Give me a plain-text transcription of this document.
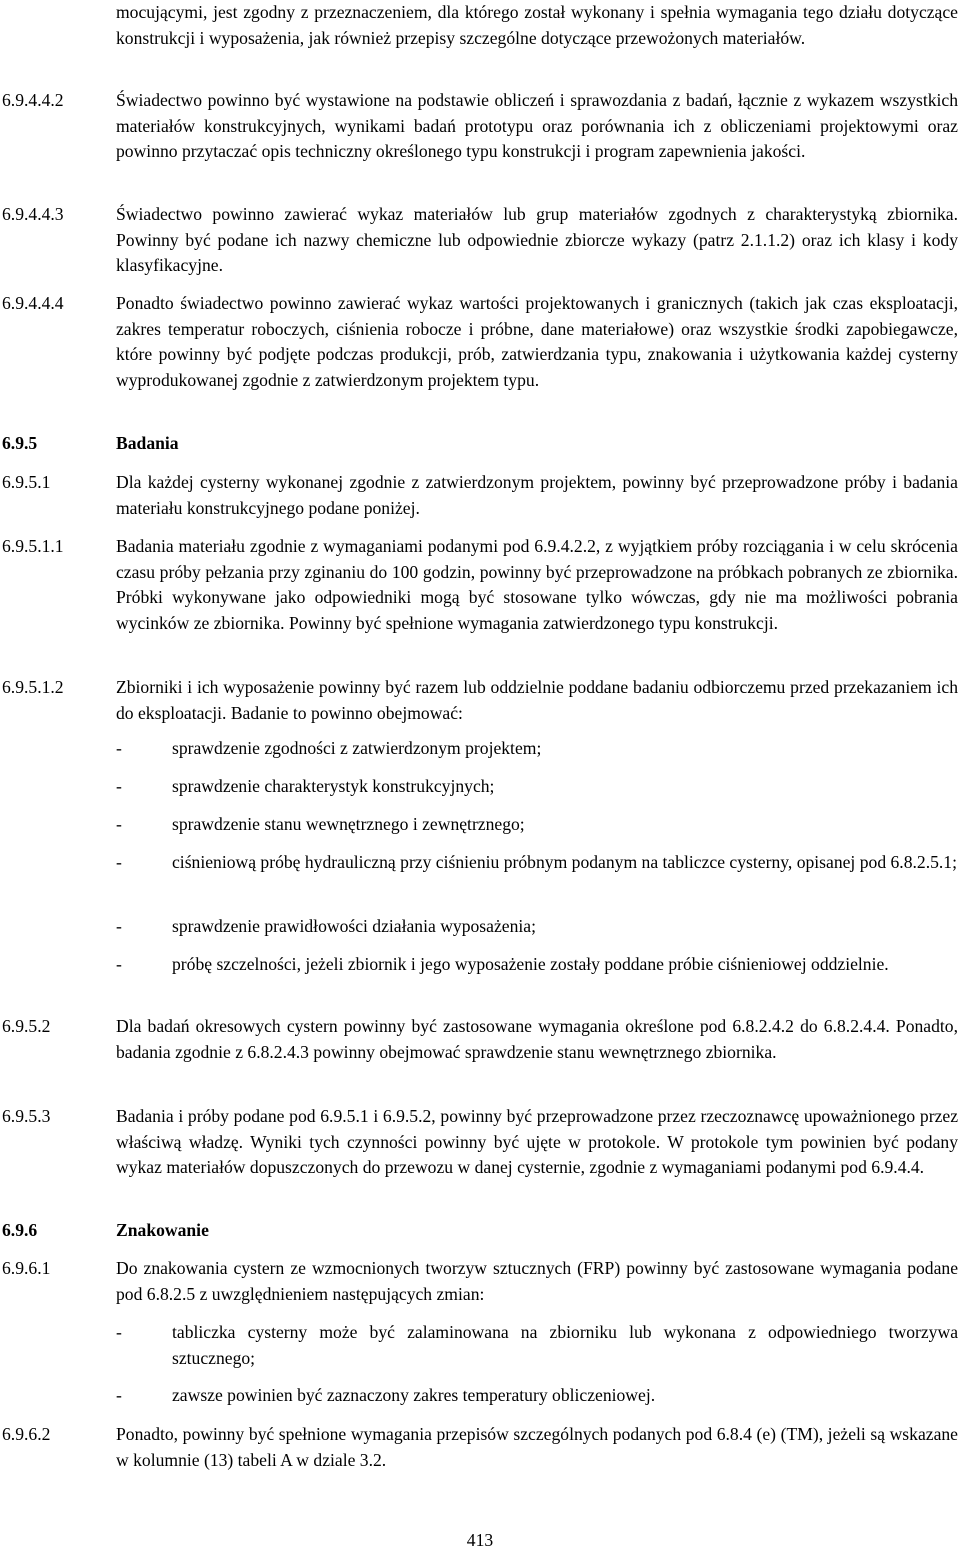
mocującymi, jest zgodny z przeznaczeniem, dla którego został wykonany i spełnia wymagania tego działu dotyczące konstrukcji i wyposażenia, jak również przepisy szczególne dotyczące przewożonych materiałów.
6.9.4.4.2	Świadectwo powinno być wystawione na podstawie obliczeń i sprawozdania z badań, łącznie z wykazem wszystkich materiałów konstrukcyjnych, wynikami badań prototypu oraz porównania ich z obliczeniami projektowymi oraz powinno przytaczać opis techniczny określonego typu konstrukcji i program zapewnienia jakości.
6.9.4.4.3	Świadectwo powinno zawierać wykaz materiałów lub grup materiałów zgodnych z charakterystyką zbiornika. Powinny być podane ich nazwy chemiczne lub odpowiednie zbiorcze wykazy (patrz 2.1.1.2) oraz ich klasy i kody klasyfikacyjne.
6.9.4.4.4	Ponadto świadectwo powinno zawierać wykaz wartości projektowanych i granicznych (takich jak czas eksploatacji, zakres temperatur roboczych, ciśnienia robocze i próbne, dane materiałowe) oraz wszystkie środki zapobiegawcze, które powinny być podjęte podczas produkcji, prób, zatwierdzania typu, znakowania i użytkowania każdej cysterny wyprodukowanej zgodnie z zatwierdzonym projektem typu.
6.9.5	Badania
6.9.5.1	Dla każdej cysterny wykonanej zgodnie z zatwierdzonym projektem, powinny być przeprowadzone próby i badania materiału konstrukcyjnego podane poniżej.
6.9.5.1.1	Badania materiału zgodnie z wymaganiami podanymi pod 6.9.4.2.2, z wyjątkiem próby rozciągania i w celu skrócenia czasu próby pełzania przy zginaniu do 100 godzin, powinny być przeprowadzone na próbkach pobranych ze zbiornika. Próbki wykonywane jako odpowiedniki mogą być stosowane tylko wówczas, gdy nie ma możliwości pobrania wycinków ze zbiornika. Powinny być spełnione wymagania zatwierdzonego typu konstrukcji.
6.9.5.1.2	Zbiorniki i ich wyposażenie powinny być razem lub oddzielnie poddane badaniu odbiorczemu przed przekazaniem ich do eksploatacji. Badanie to powinno obejmować:
-	sprawdzenie zgodności z zatwierdzonym projektem;
-	sprawdzenie charakterystyk konstrukcyjnych;
-	sprawdzenie stanu wewnętrznego i zewnętrznego;
-	ciśnieniową próbę hydrauliczną przy ciśnieniu próbnym podanym na tabliczce cysterny, opisanej pod 6.8.2.5.1;
-	sprawdzenie prawidłowości działania wyposażenia;
-	próbę szczelności, jeżeli zbiornik i jego wyposażenie zostały poddane próbie ciśnieniowej oddzielnie.
6.9.5.2	Dla badań okresowych cystern powinny być zastosowane wymagania określone pod 6.8.2.4.2 do 6.8.2.4.4. Ponadto, badania zgodnie z 6.8.2.4.3 powinny obejmować sprawdzenie stanu wewnętrznego zbiornika.
6.9.5.3	Badania i próby podane pod 6.9.5.1 i 6.9.5.2, powinny być przeprowadzone przez rzeczoznawcę upoważnionego przez właściwą władzę. Wyniki tych czynności powinny być ujęte w protokole. W protokole tym powinien być podany wykaz materiałów dopuszczonych do przewozu w danej cysternie, zgodnie z wymaganiami podanymi pod 6.9.4.4.
6.9.6	Znakowanie
6.9.6.1	Do znakowania cystern ze wzmocnionych tworzyw sztucznych (FRP) powinny być zastosowane wymagania podane pod 6.8.2.5 z uwzględnieniem następujących zmian:
-	tabliczka cysterny może być zalaminowana na zbiorniku lub wykonana z odpowiedniego tworzywa sztucznego;
-	zawsze powinien być zaznaczony zakres temperatury obliczeniowej.
6.9.6.2	Ponadto, powinny być spełnione wymagania przepisów szczególnych podanych pod 6.8.4 (e) (TM), jeżeli są wskazane w kolumnie (13) tabeli A w dziale 3.2.
413
